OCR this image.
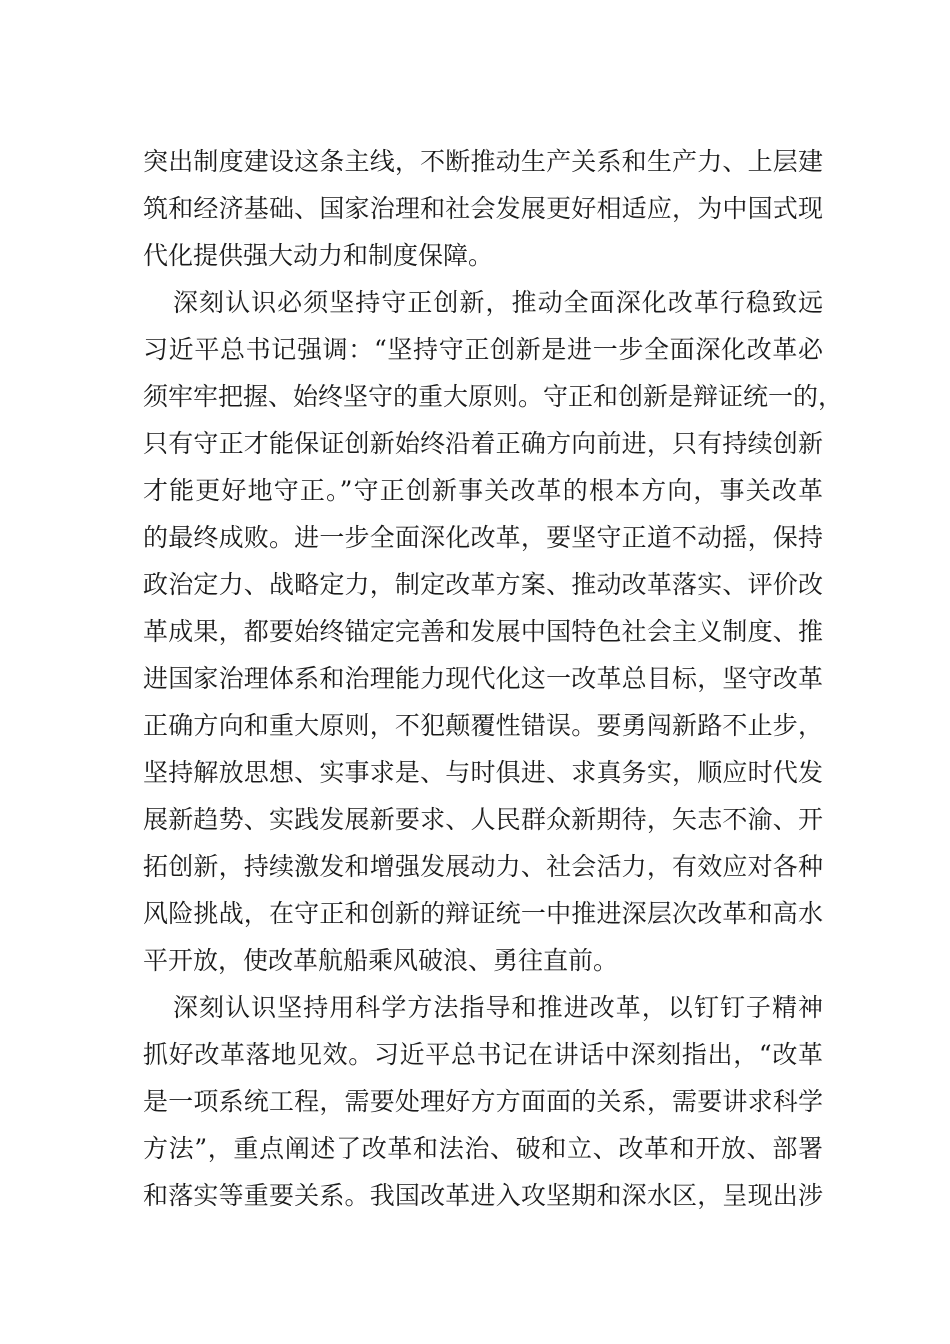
突出制度建设这条主线，不断推动生产关系和生产力、上层建
筑和经济基础、国家治理和社会发展更好相适应，为中国式现
代化提供强大动力和制度保障。
深刻认识必须坚持守正创新，推动全面深化改革行稳致远
习近平总书记强调：“坚持守正创新是进一步全面深化改革必
须牢牢把握、始终坚守的重大原则。守正和创新是辩证统一的，
只有守正才能保证创新始终沿着正确方向前进，只有持续创新
才能更好地守正。”守正创新事关改革的根本方向，事关改革
的最终成败。进一步全面深化改革，要坚守正道不动摇，保持
政治定力、战略定力，制定改革方案、推动改革落实、评价改
革成果，都要始终锚定完善和发展中国特色社会主义制度、推
进国家治理体系和治理能力现代化这一改革总目标，坚守改革
正确方向和重大原则，不犯颠覆性错误。要勇闯新路不止步，
坚持解放思想、实事求是、与时俱进、求真务实，顺应时代发
展新趋势、实践发展新要求、人民群众新期待，矢志不渝、开
拓创新，持续激发和增强发展动力、社会活力，有效应对各种
风险挑战，在守正和创新的辩证统一中推进深层次改革和高水
平开放，使改革航船乘风破浪、勇往直前。
深刻认识坚持用科学方法指导和推进改革，以钉钉子精神
抓好改革落地见效。习近平总书记在讲话中深刻指出，“改革
是一项系统工程，需要处理好方方面面的关系，需要讲求科学
方法”，重点阐述了改革和法治、破和立、改革和开放、部署
和落实等重要关系。我国改革进入攻坚期和深水区，呈现出涉
